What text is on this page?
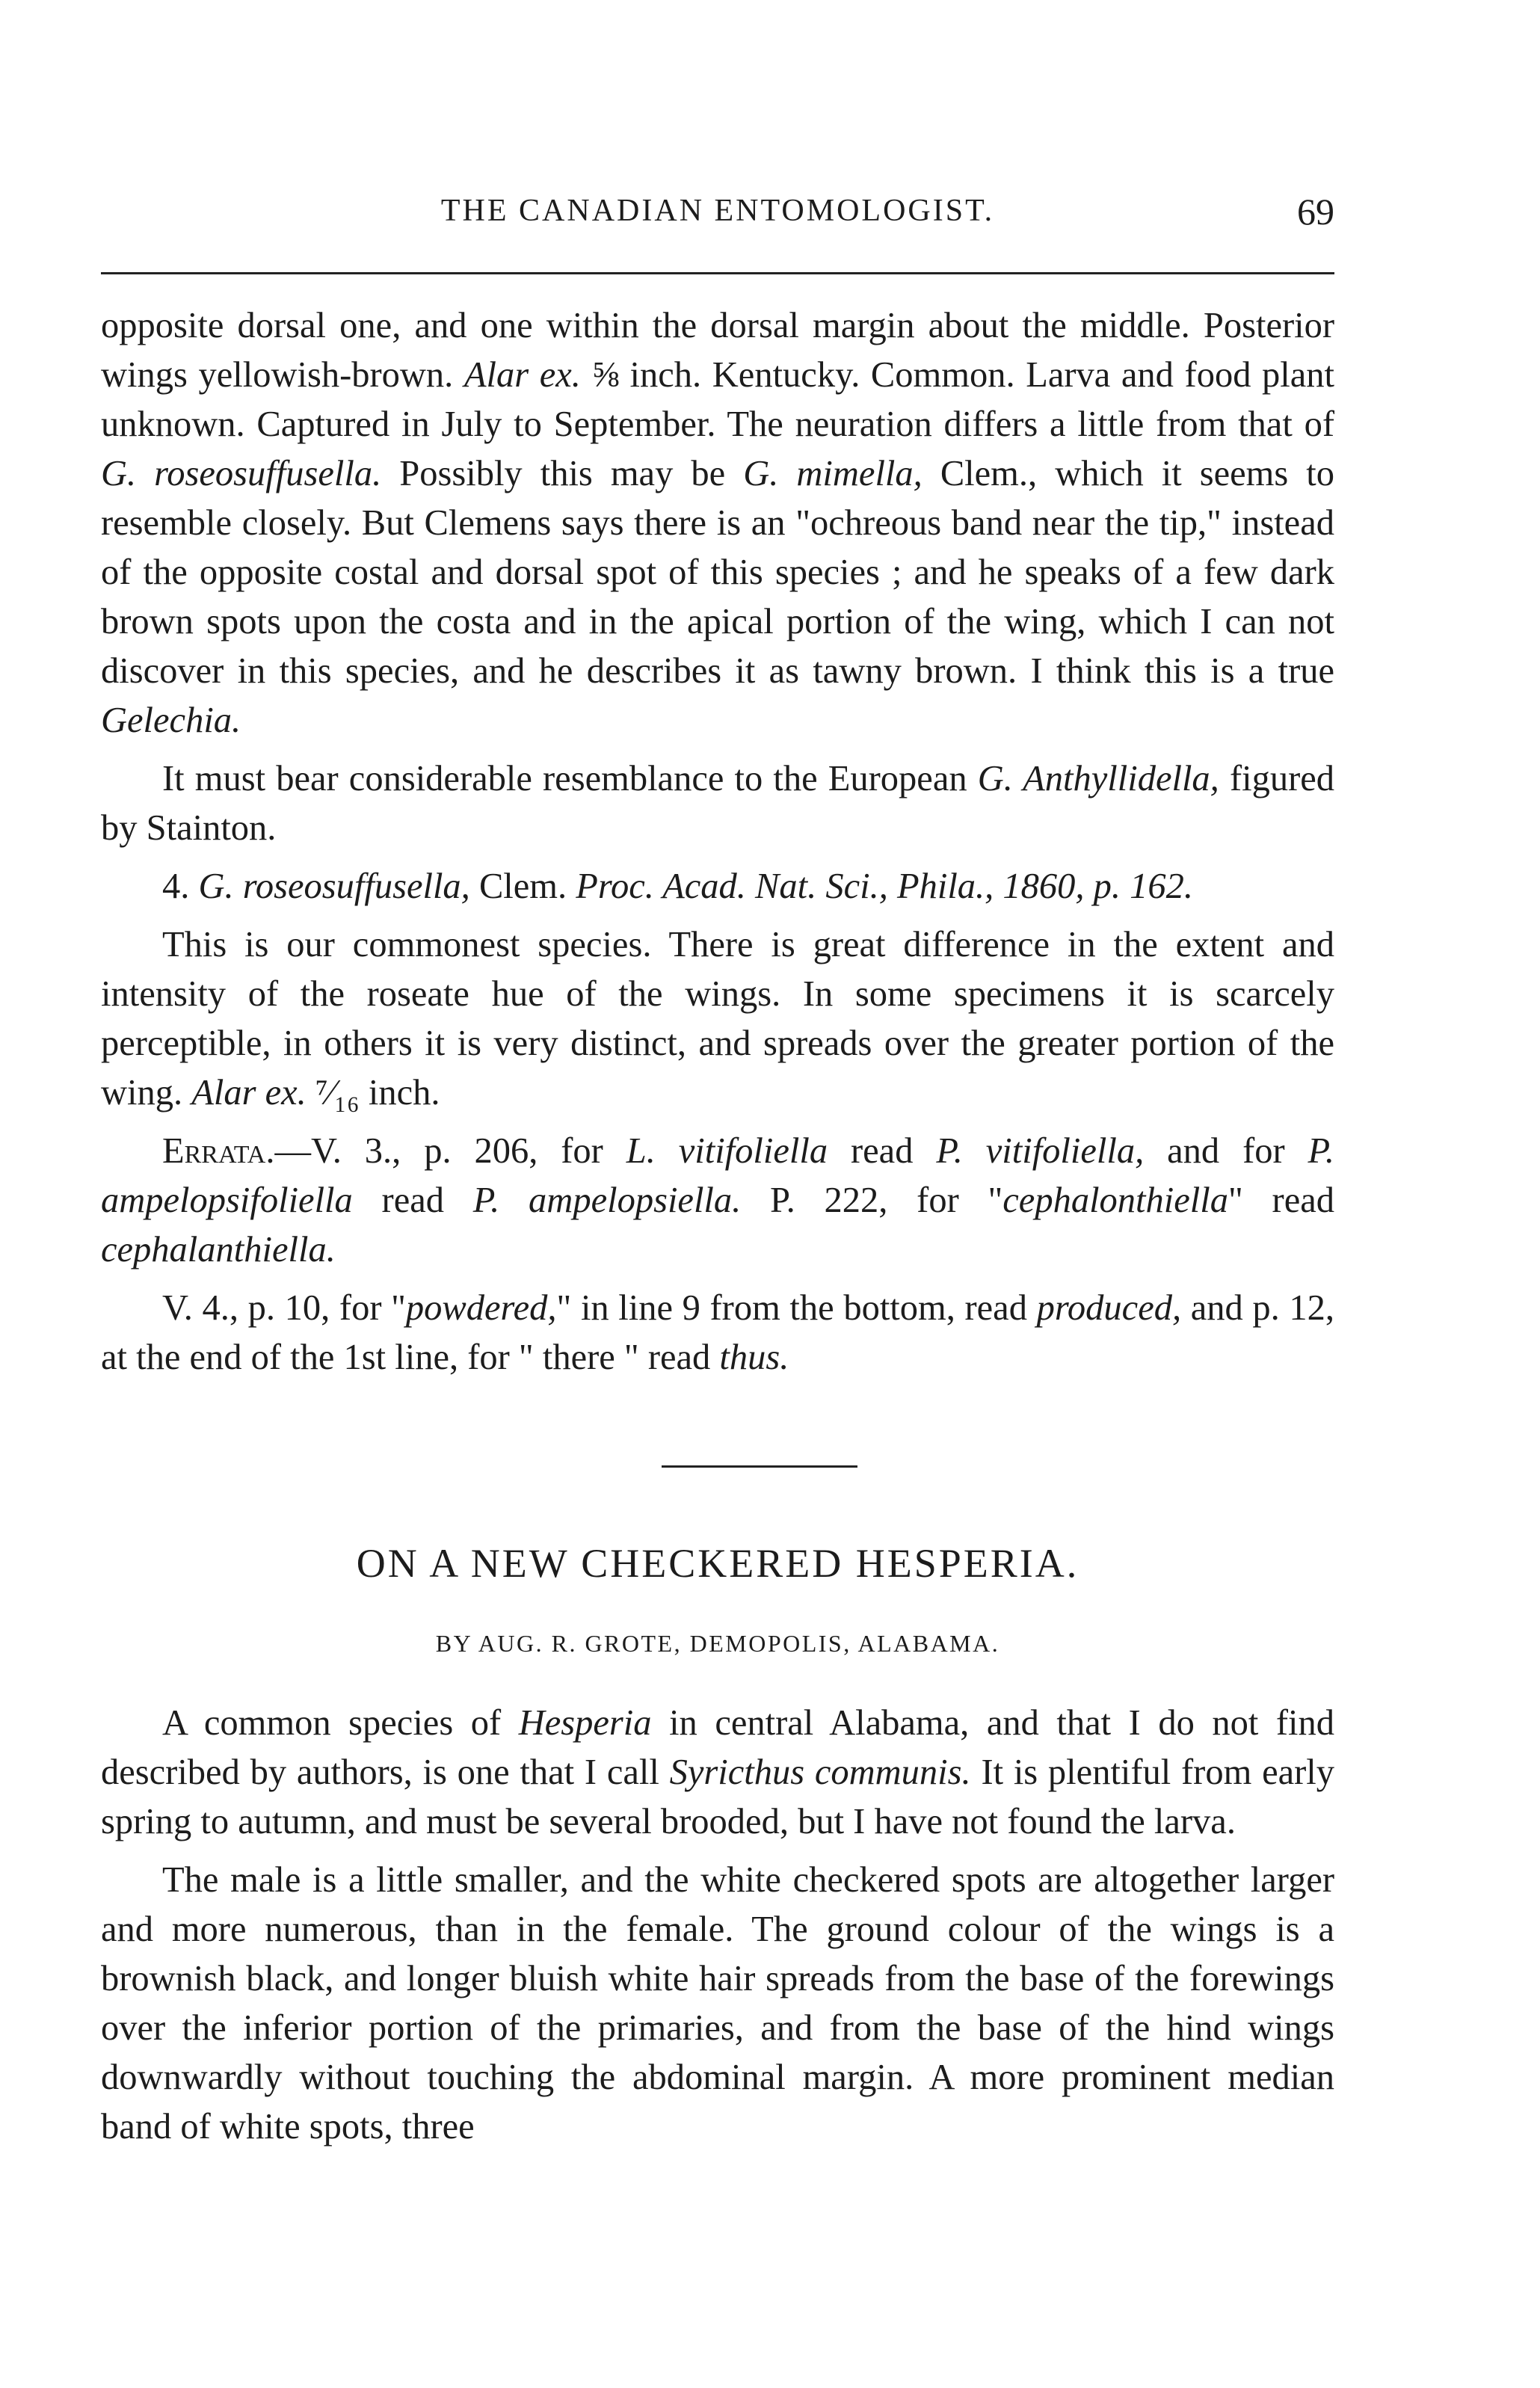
THE CANADIAN ENTOMOLOGIST.	69

opposite dorsal one, and one within the dorsal margin about the middle. Posterior wings yellowish-brown. Alar ex. ⅝ inch. Kentucky. Common. Larva and food plant unknown. Captured in July to September. The neuration differs a little from that of G. roseosuffusella. Possibly this may be G. mimella, Clem., which it seems to resemble closely. But Clemens says there is an "ochreous band near the tip," instead of the opposite costal and dorsal spot of this species ; and he speaks of a few dark brown spots upon the costa and in the apical portion of the wing, which I can not discover in this species, and he describes it as tawny brown. I think this is a true Gelechia.

It must bear considerable resemblance to the European G. Anthyllidella, figured by Stainton.

4. G. roseosuffusella, Clem. Proc. Acad. Nat. Sci., Phila., 1860, p. 162.

This is our commonest species. There is great difference in the extent and intensity of the roseate hue of the wings. In some specimens it is scarcely perceptible, in others it is very distinct, and spreads over the greater portion of the wing. Alar ex. ⁷⁄₁₆ inch.

Errata.—V. 3., p. 206, for L. vitifoliella read P. vitifoliella, and for P. ampelopsifoliella read P. ampelopsiella. P. 222, for "cephalonthiella" read cephalanthiella.

V. 4., p. 10, for "powdered," in line 9 from the bottom, read produced, and p. 12, at the end of the 1st line, for " there " read thus.

ON A NEW CHECKERED HESPERIA.
BY AUG. R. GROTE, DEMOPOLIS, ALABAMA.

A common species of Hesperia in central Alabama, and that I do not find described by authors, is one that I call Syricthus communis. It is plentiful from early spring to autumn, and must be several brooded, but I have not found the larva.

The male is a little smaller, and the white checkered spots are altogether larger and more numerous, than in the female. The ground colour of the wings is a brownish black, and longer bluish white hair spreads from the base of the forewings over the inferior portion of the primaries, and from the base of the hind wings downwardly without touching the abdominal margin. A more prominent median band of white spots, three
